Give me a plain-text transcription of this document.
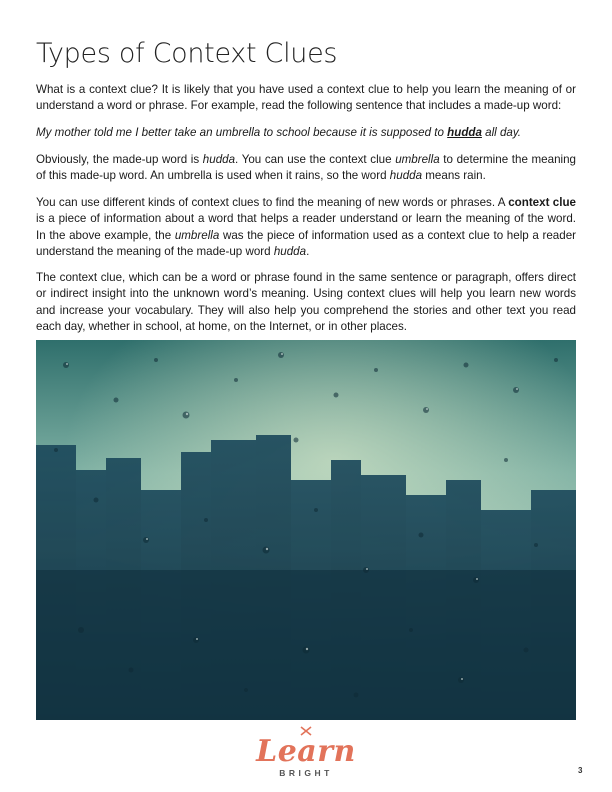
Types of Context Clues

What is a context clue? It is likely that you have used a context clue to help you learn the meaning of or understand a word or phrase. For example, read the following sentence that includes a made-up word:

My mother told me I better take an umbrella to school because it is supposed to hudda all day.

Obviously, the made-up word is hudda. You can use the context clue umbrella to determine the meaning of this made-up word. An umbrella is used when it rains, so the word hudda means rain.

You can use different kinds of context clues to find the meaning of new words or phrases. A context clue is a piece of information about a word that helps a reader understand or learn the meaning of the word. In the above example, the umbrella was the piece of information used as a context clue to help a reader understand the meaning of the made-up word hudda.

The context clue, which can be a word or phrase found in the same sentence or paragraph, offers direct or indirect insight into the unknown word’s meaning. Using context clues will help you learn new words and increase your vocabulary. They will also help you comprehend the stories and other text you read each day, whether in school, at home, on the Internet, or in other places.

Learn
BRIGHT	3
